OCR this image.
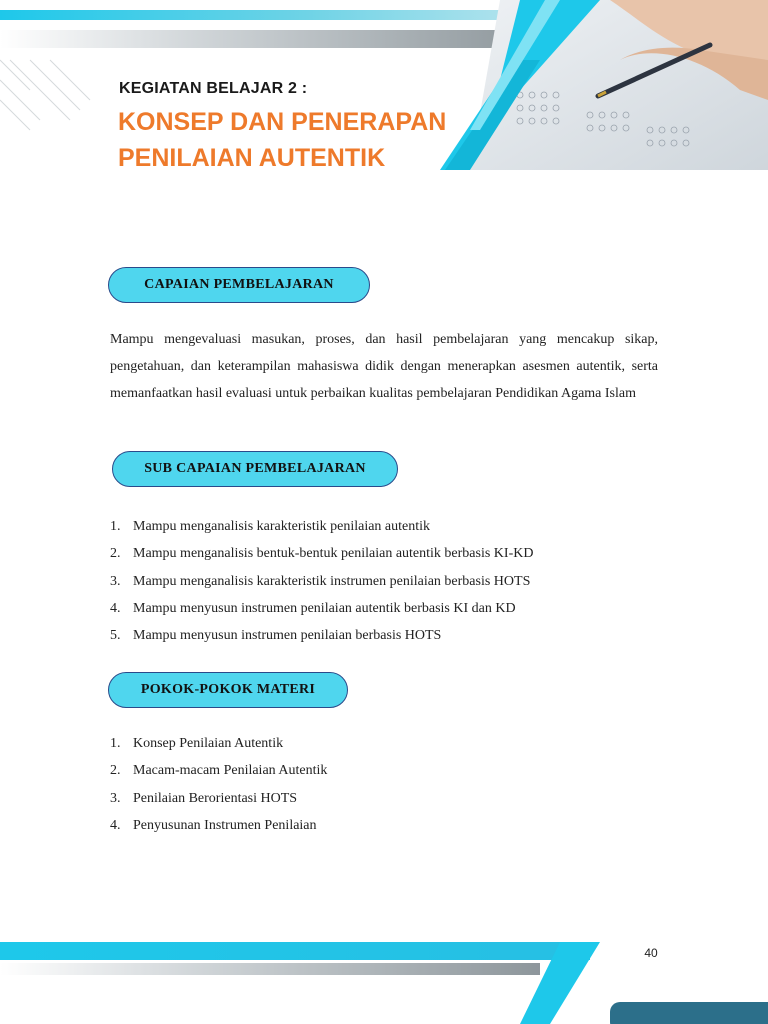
KEGIATAN BELAJAR 2 :
KONSEP DAN PENERAPAN
PENILAIAN AUTENTIK
CAPAIAN PEMBELAJARAN

Mampu mengevaluasi masukan, proses, dan hasil pembelajaran yang mencakup sikap, pengetahuan, dan keterampilan mahasiswa didik dengan menerapkan asesmen autentik, serta memanfaatkan hasil evaluasi untuk perbaikan kualitas pembelajaran Pendidikan Agama Islam

SUB CAPAIAN PEMBELAJARAN
1. Mampu menganalisis karakteristik penilaian autentik
2. Mampu menganalisis bentuk-bentuk penilaian autentik berbasis KI-KD
3. Mampu menganalisis karakteristik instrumen penilaian berbasis HOTS
4. Mampu menyusun instrumen penilaian autentik berbasis KI dan KD
5. Mampu menyusun instrumen penilaian berbasis HOTS
POKOK-POKOK MATERI
1. Konsep Penilaian Autentik
2. Macam-macam Penilaian Autentik
3. Penilaian Berorientasi HOTS
4. Penyusunan Instrumen Penilaian
40
